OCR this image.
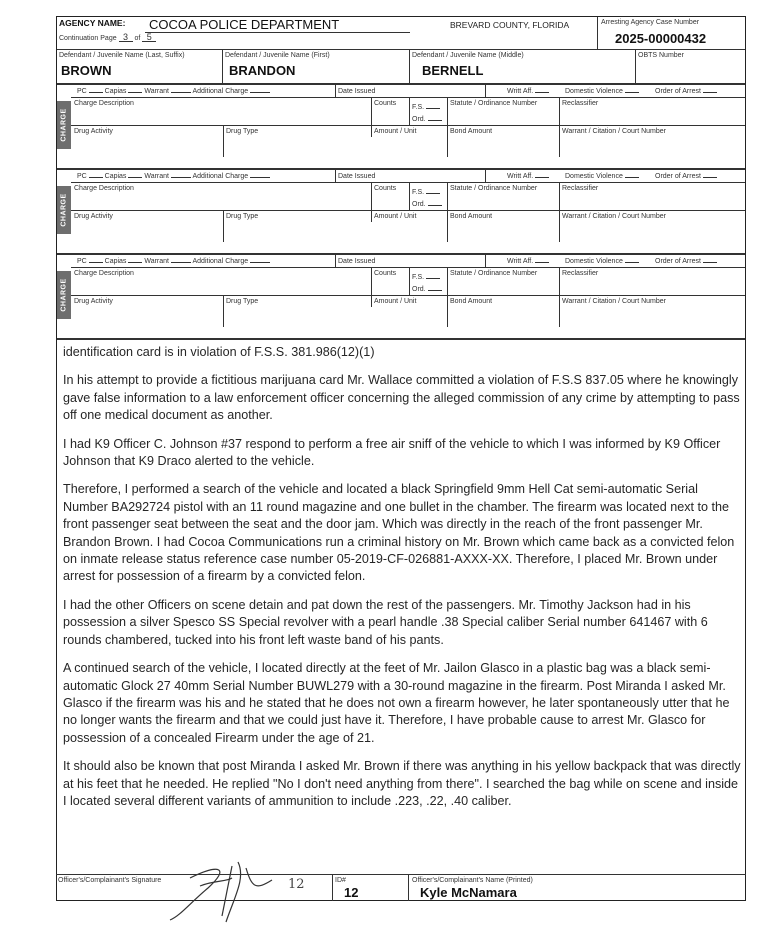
AGENCY NAME: COCOA POLICE DEPARTMENT	BREVARD COUNTY, FLORIDA
Continuation Page 3 of 5
Arresting Agency Case Number
2025-00000432
Defendant / Juvenile Name (Last, Suffix)
BROWN
Defendant / Juvenile Name (First)
BRANDON
Defendant / Juvenile Name (Middle)
BERNELL
OBTS Number
CHARGE
PC	Capias	Warrant	Additional Charge	Date Issued	Writt Aff.	Domestic Violence	Order of Arrest
Charge Description	Counts
F.S.
Ord.
Statute / Ordinance Number	Reclassifier
Drug Activity	Drug Type	Amount / Unit	Bond Amount	Warrant / Citation / Court Number
CHARGE
PC	Capias	Warrant	Additional Charge	Date Issued	Writt Aff.	Domestic Violence	Order of Arrest
Charge Description	Counts
F.S.
Ord.
Statute / Ordinance Number	Reclassifier
Drug Activity	Drug Type	Amount / Unit	Bond Amount	Warrant / Citation / Court Number
CHARGE
PC	Capias	Warrant	Additional Charge	Date Issued	Writt Aff.	Domestic Violence	Order of Arrest
Charge Description	Counts
F.S.
Ord.
Statute / Ordinance Number	Reclassifier
Drug Activity	Drug Type	Amount / Unit	Bond Amount	Warrant / Citation / Court Number

identification card is in violation of F.S.S. 381.986(12)(1)

In his attempt to provide a fictitious marijuana card Mr. Wallace committed a violation of F.S.S 837.05 where he knowingly gave false information to a law enforcement officer concerning the alleged commission of any crime by attempting to pass off one medical document as another.

I had K9 Officer C. Johnson #37 respond to perform a free air sniff of the vehicle to which I was informed by K9 Officer Johnson that K9 Draco alerted to the vehicle.

Therefore, I performed a search of the vehicle and located a black Springfield 9mm Hell Cat semi-automatic Serial Number BA292724 pistol with an 11 round magazine and one bullet in the chamber. The firearm was located next to the front passenger seat between the seat and the door jam. Which was directly in the reach of the front passenger Mr. Brandon Brown. I had Cocoa Communications run a criminal history on Mr. Brown which came back as a convicted felon on inmate release status reference case number 05-2019-CF-026881-AXXX-XX. Therefore, I placed Mr. Brown under arrest for possession of a firearm by a convicted felon.

I had the other Officers on scene detain and pat down the rest of the passengers. Mr. Timothy Jackson had in his possession a silver Spesco SS Special revolver with a pearl handle .38 Special caliber Serial number 641467 with 6 rounds chambered, tucked into his front left waste band of his pants.

A continued search of the vehicle, I located directly at the feet of Mr. Jailon Glasco in a plastic bag was a black semi-automatic Glock 27 40mm Serial Number BUWL279 with a 30-round magazine in the firearm. Post Miranda I asked Mr. Glasco if the firearm was his and he stated that he does not own a firearm however, he later spontaneously utter that he no longer wants the firearm and that we could just have it. Therefore, I have probable cause to arrest Mr. Glasco for possession of a concealed Firearm under the age of 21.

It should also be known that post Miranda I asked Mr. Brown if there was anything in his yellow backpack that was directly at his feet that he needed. He replied "No I don't need anything from there". I searched the bag while on scene and inside I located several different variants of ammunition to include .223, .22, .40 caliber.

Officer's/Complainant's Signature	12	ID#
12
Officer's/Complainant's Name (Printed)
Kyle McNamara
